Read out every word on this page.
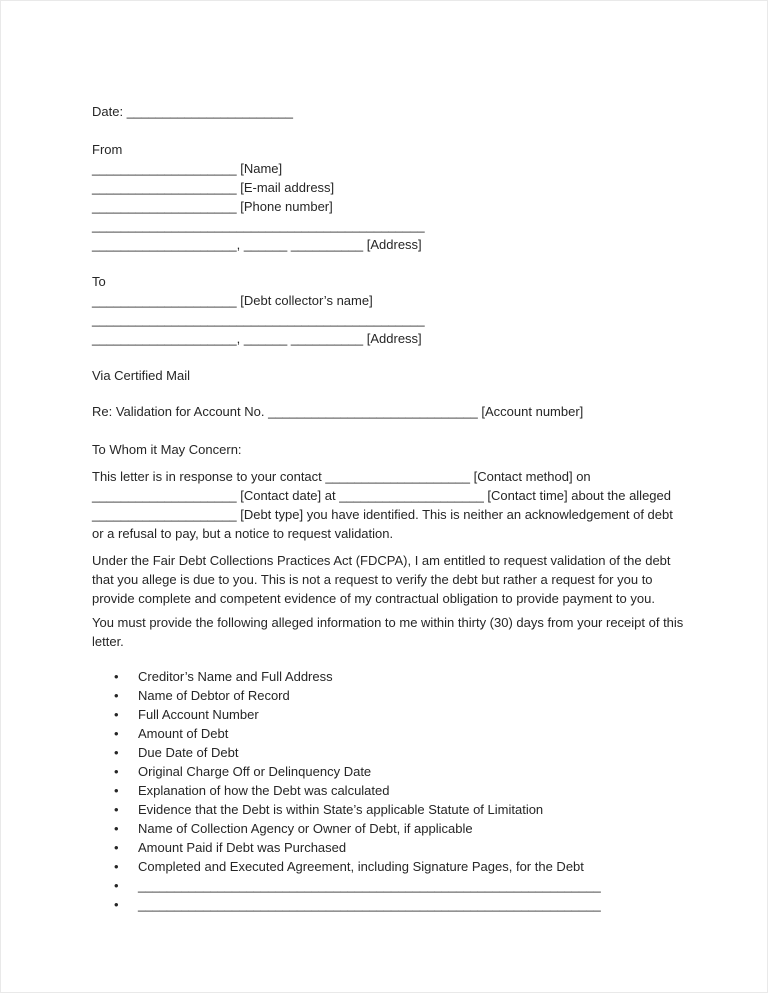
Date: _______________________
From
____________________ [Name]
____________________ [E-mail address]
____________________ [Phone number]
______________________________________________
____________________, ______ __________ [Address]
To
____________________ [Debt collector’s name]
______________________________________________
____________________, ______ __________ [Address]
Via Certified Mail
Re: Validation for Account No. _____________________________ [Account number]
To Whom it May Concern:

This letter is in response to your contact ____________________ [Contact method] on ____________________ [Contact date] at ____________________ [Contact time] about the alleged ____________________ [Debt type] you have identified. This is neither an acknowledgement of debt or a refusal to pay, but a notice to request validation.

Under the Fair Debt Collections Practices Act (FDCPA), I am entitled to request validation of the debt that you allege is due to you. This is not a request to verify the debt but rather a request for you to provide complete and competent evidence of my contractual obligation to provide payment to you.

You must provide the following alleged information to me within thirty (30) days from your receipt of this letter.

• Creditor’s Name and Full Address
• Name of Debtor of Record
• Full Account Number
• Amount of Debt
• Due Date of Debt
• Original Charge Off or Delinquency Date
• Explanation of how the Debt was calculated
• Evidence that the Debt is within State’s applicable Statute of Limitation
• Name of Collection Agency or Owner of Debt, if applicable
• Amount Paid if Debt was Purchased
• Completed and Executed Agreement, including Signature Pages, for the Debt
• ________________________________________________________________
• ________________________________________________________________
